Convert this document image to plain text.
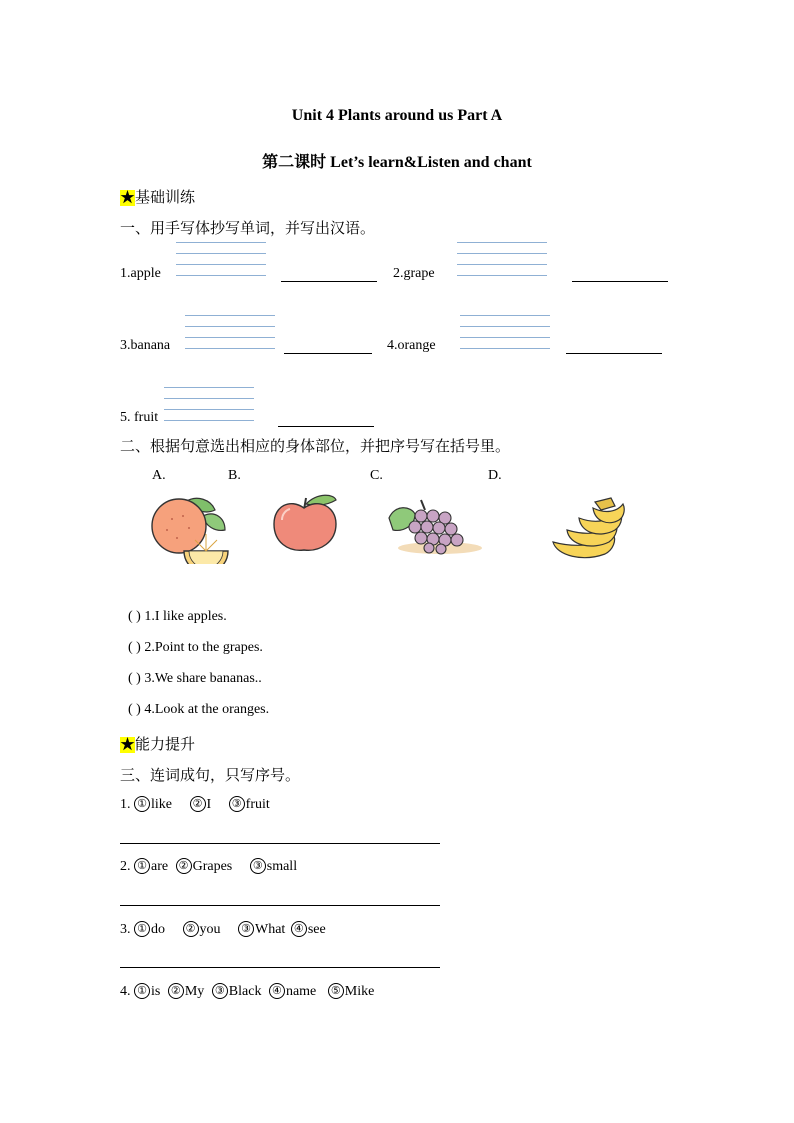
Unit 4 Plants around us Part A
第二课时 Let’s learn&Listen and chant
★基础训练
一、用手写体抄写单词，并写出汉语。
1.apple	2.grape
3.banana	4.orange
5. fruit
二、根据句意选出相应的身体部位，并把序号写在括号里。
A.	B.	C.	D.
( ) 1.I like apples.
( ) 2.Point to the grapes.
( ) 3.We share bananas..
( ) 4.Look at the oranges.
★能力提升
三、连词成句，只写序号。
1. ① like ② I ③ fruit
2. ① are ② Grapes ③ small
3. ① do ② you ③ What ④ see
4. ① is ② My ③ Black ④ name ⑤ Mike
